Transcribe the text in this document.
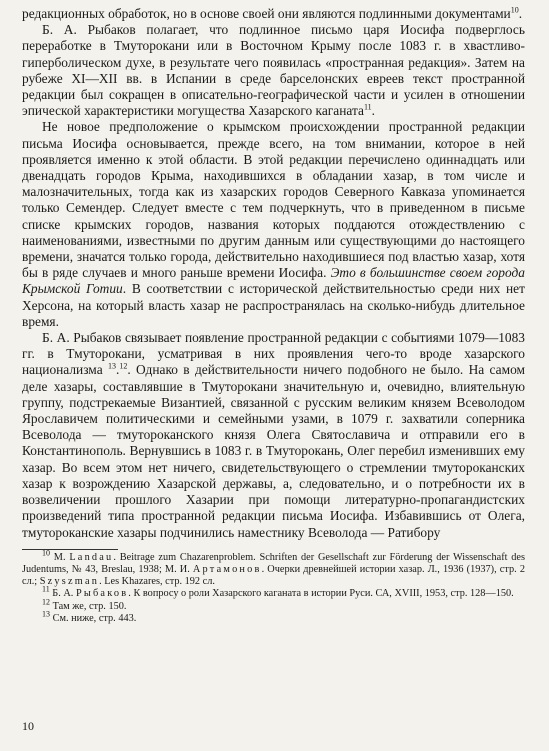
редакционных обработок, но в основе своей они являются подлинными документами$^{10}$.

Б. А. Рыбаков полагает, что подлинное письмо царя Иосифа подверглось переработке в Тмуторокани или в Восточном Крыму после 1083 г. в хвастливо-гиперболическом духе, в результате чего появилась «пространная редакция». Затем на рубеже XI—XII вв. в Испании в среде барселонских евреев текст пространной редакции был сокращен в описательно-географической части и усилен в отношении эпической характеристики могущества Хазарского каганата$^{11}$.

Не новое предположение о крымском происхождении пространной редакции письма Иосифа основывается, прежде всего, на том внимании, которое в ней проявляется именно к этой области. В этой редакции перечислено одиннадцать или двенадцать городов Крыма, находившихся в обладании хазар, в том числе и малозначительных, тогда как из хазарских городов Северного Кавказа упоминается только Семендер. Следует вместе с тем подчеркнуть, что в приведенном в письме списке крымских городов, названия которых поддаются отождествлению с наименованиями, известными по другим данным или существующими до настоящего времени, значатся только города, действительно находившиеся под властью хазар, хотя бы в ряде случаев и много раньше времени Иосифа. Это в большинстве своем города Крымской Готии. В соответствии с исторической действительностью среди них нет Херсона, на который власть хазар не распространялась на сколько-нибудь длительное время.

Б. А. Рыбаков связывает появление пространной редакции с событиями 1079—1083 гг. в Тмуторокани, усматривая в них проявления чего-то вроде хазарского национализма $^{13}$.$^{12}$. Однако в действительности ничего подобного не было. На самом деле хазары, составлявшие в Тмуторокани значительную и, очевидно, влиятельную группу, подстрекаемые Византией, связанной с русским великим князем Всеволодом Ярославичем политическими и семейными узами, в 1079 г. захватили соперника Всеволода — тмутороканского князя Олега Святославича и отправили его в Константинополь. Вернувшись в 1083 г. в Тмуторокань, Олег перебил изменивших ему хазар. Во всем этом нет ничего, свидетельствующего о стремлении тмутороканских хазар к возрождению Хазарской державы, а, следовательно, и о потребности их в возвеличении прошлого Хазарии при помощи литературно-пропагандистских произведений типа пространной редакции письма Иосифа. Избавившись от Олега, тмутороканские хазары подчинились наместнику Всеволода — Ратибору

$^{10}$ M. Landau. Beitrage zum Chazarenproblem. Schriften der Gesellschaft zur Förderung der Wissenschaft des Judentums, № 43, Breslau, 1938; М. И. Артамонов. Очерки древнейшей истории хазар. Л., 1936 (1937), стр. 2 сл.; Szyszman. Les Khazares, стр. 192 сл.

$^{11}$ Б. А. Рыбаков. К вопросу о роли Хазарского каганата в истории Руси. СА, XVIII, 1953, стр. 128—150.

$^{12}$ Там же, стр. 150.

$^{13}$ См. ниже, стр. 443.

10
